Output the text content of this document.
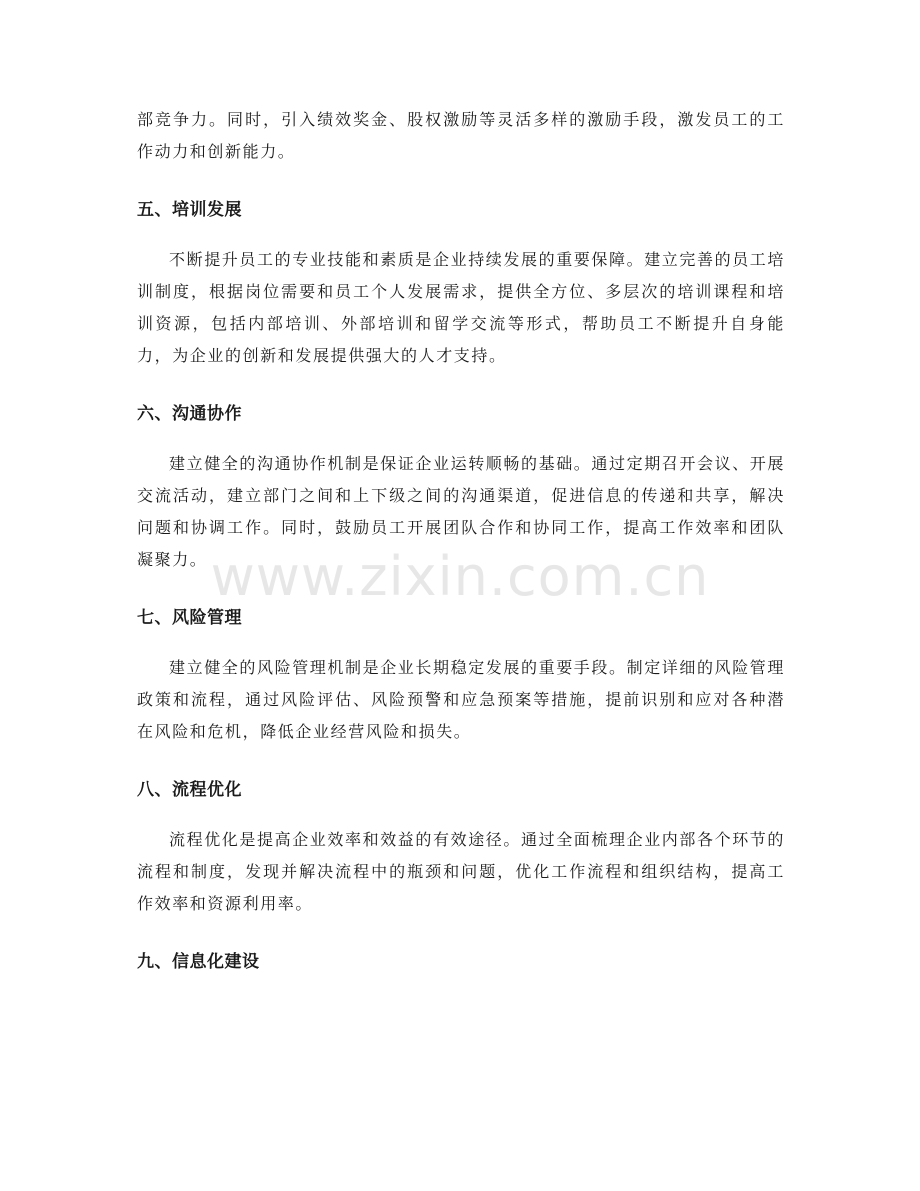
部竞争力。同时，引入绩效奖金、股权激励等灵活多样的激励手段，激发员工的工作动力和创新能力。

五、培训发展

不断提升员工的专业技能和素质是企业持续发展的重要保障。建立完善的员工培训制度，根据岗位需要和员工个人发展需求，提供全方位、多层次的培训课程和培训资源，包括内部培训、外部培训和留学交流等形式，帮助员工不断提升自身能力，为企业的创新和发展提供强大的人才支持。

六、沟通协作

建立健全的沟通协作机制是保证企业运转顺畅的基础。通过定期召开会议、开展交流活动，建立部门之间和上下级之间的沟通渠道，促进信息的传递和共享，解决问题和协调工作。同时，鼓励员工开展团队合作和协同工作，提高工作效率和团队凝聚力。

七、风险管理

建立健全的风险管理机制是企业长期稳定发展的重要手段。制定详细的风险管理政策和流程，通过风险评估、风险预警和应急预案等措施，提前识别和应对各种潜在风险和危机，降低企业经营风险和损失。

八、流程优化

流程优化是提高企业效率和效益的有效途径。通过全面梳理企业内部各个环节的流程和制度，发现并解决流程中的瓶颈和问题，优化工作流程和组织结构，提高工作效率和资源利用率。

九、信息化建设
www.zixin.com.cn
